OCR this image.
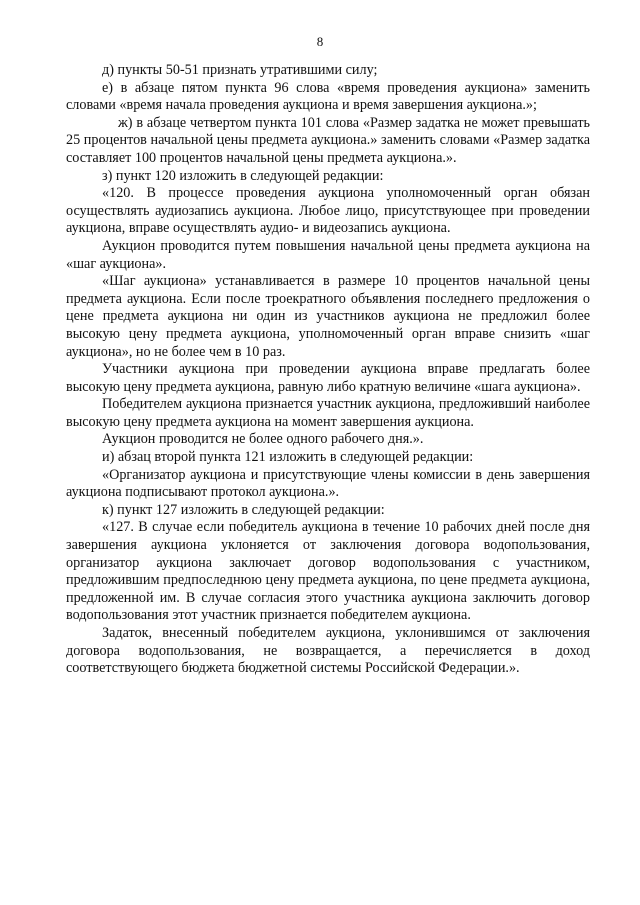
8

д) пункты 50-51 признать утратившими силу;

е) в абзаце пятом пункта 96 слова «время проведения аукциона» заменить словами «время начала проведения аукциона и время завершения аукциона.»;

ж) в абзаце четвертом пункта 101 слова «Размер задатка не может превышать 25 процентов начальной цены предмета аукциона.» заменить словами «Размер задатка составляет 100 процентов начальной цены предмета аукциона.».

з) пункт 120 изложить в следующей редакции:

«120. В процессе проведения аукциона уполномоченный орган обязан осуществлять аудиозапись аукциона. Любое лицо, присутствующее при проведении аукциона, вправе осуществлять аудио- и видеозапись аукциона.

Аукцион проводится путем повышения начальной цены предмета аукциона на «шаг аукциона».

«Шаг аукциона» устанавливается в размере 10 процентов начальной цены предмета аукциона. Если после троекратного объявления последнего предложения о цене предмета аукциона ни один из участников аукциона не предложил более высокую цену предмета аукциона, уполномоченный орган вправе снизить «шаг аукциона», но не более чем в 10 раз.

Участники аукциона при проведении аукциона вправе предлагать более высокую цену предмета аукциона, равную либо кратную величине «шага аукциона».

Победителем аукциона признается участник аукциона, предложивший наиболее высокую цену предмета аукциона на момент завершения аукциона.

Аукцион проводится не более одного рабочего дня.».

и) абзац второй пункта 121 изложить в следующей редакции:

«Организатор аукциона и присутствующие члены комиссии в день завершения аукциона подписывают протокол аукциона.».

к) пункт 127 изложить в следующей редакции:

«127. В случае если победитель аукциона в течение 10 рабочих дней после дня завершения аукциона уклоняется от заключения договора водопользования, организатор аукциона заключает договор водопользования с участником, предложившим предпоследнюю цену предмета аукциона, по цене предмета аукциона, предложенной им. В случае согласия этого участника аукциона заключить договор водопользования этот участник признается победителем аукциона.

Задаток, внесенный победителем аукциона, уклонившимся от заключения договора водопользования, не возвращается, а перечисляется в доход соответствующего бюджета бюджетной системы Российской Федерации.».
